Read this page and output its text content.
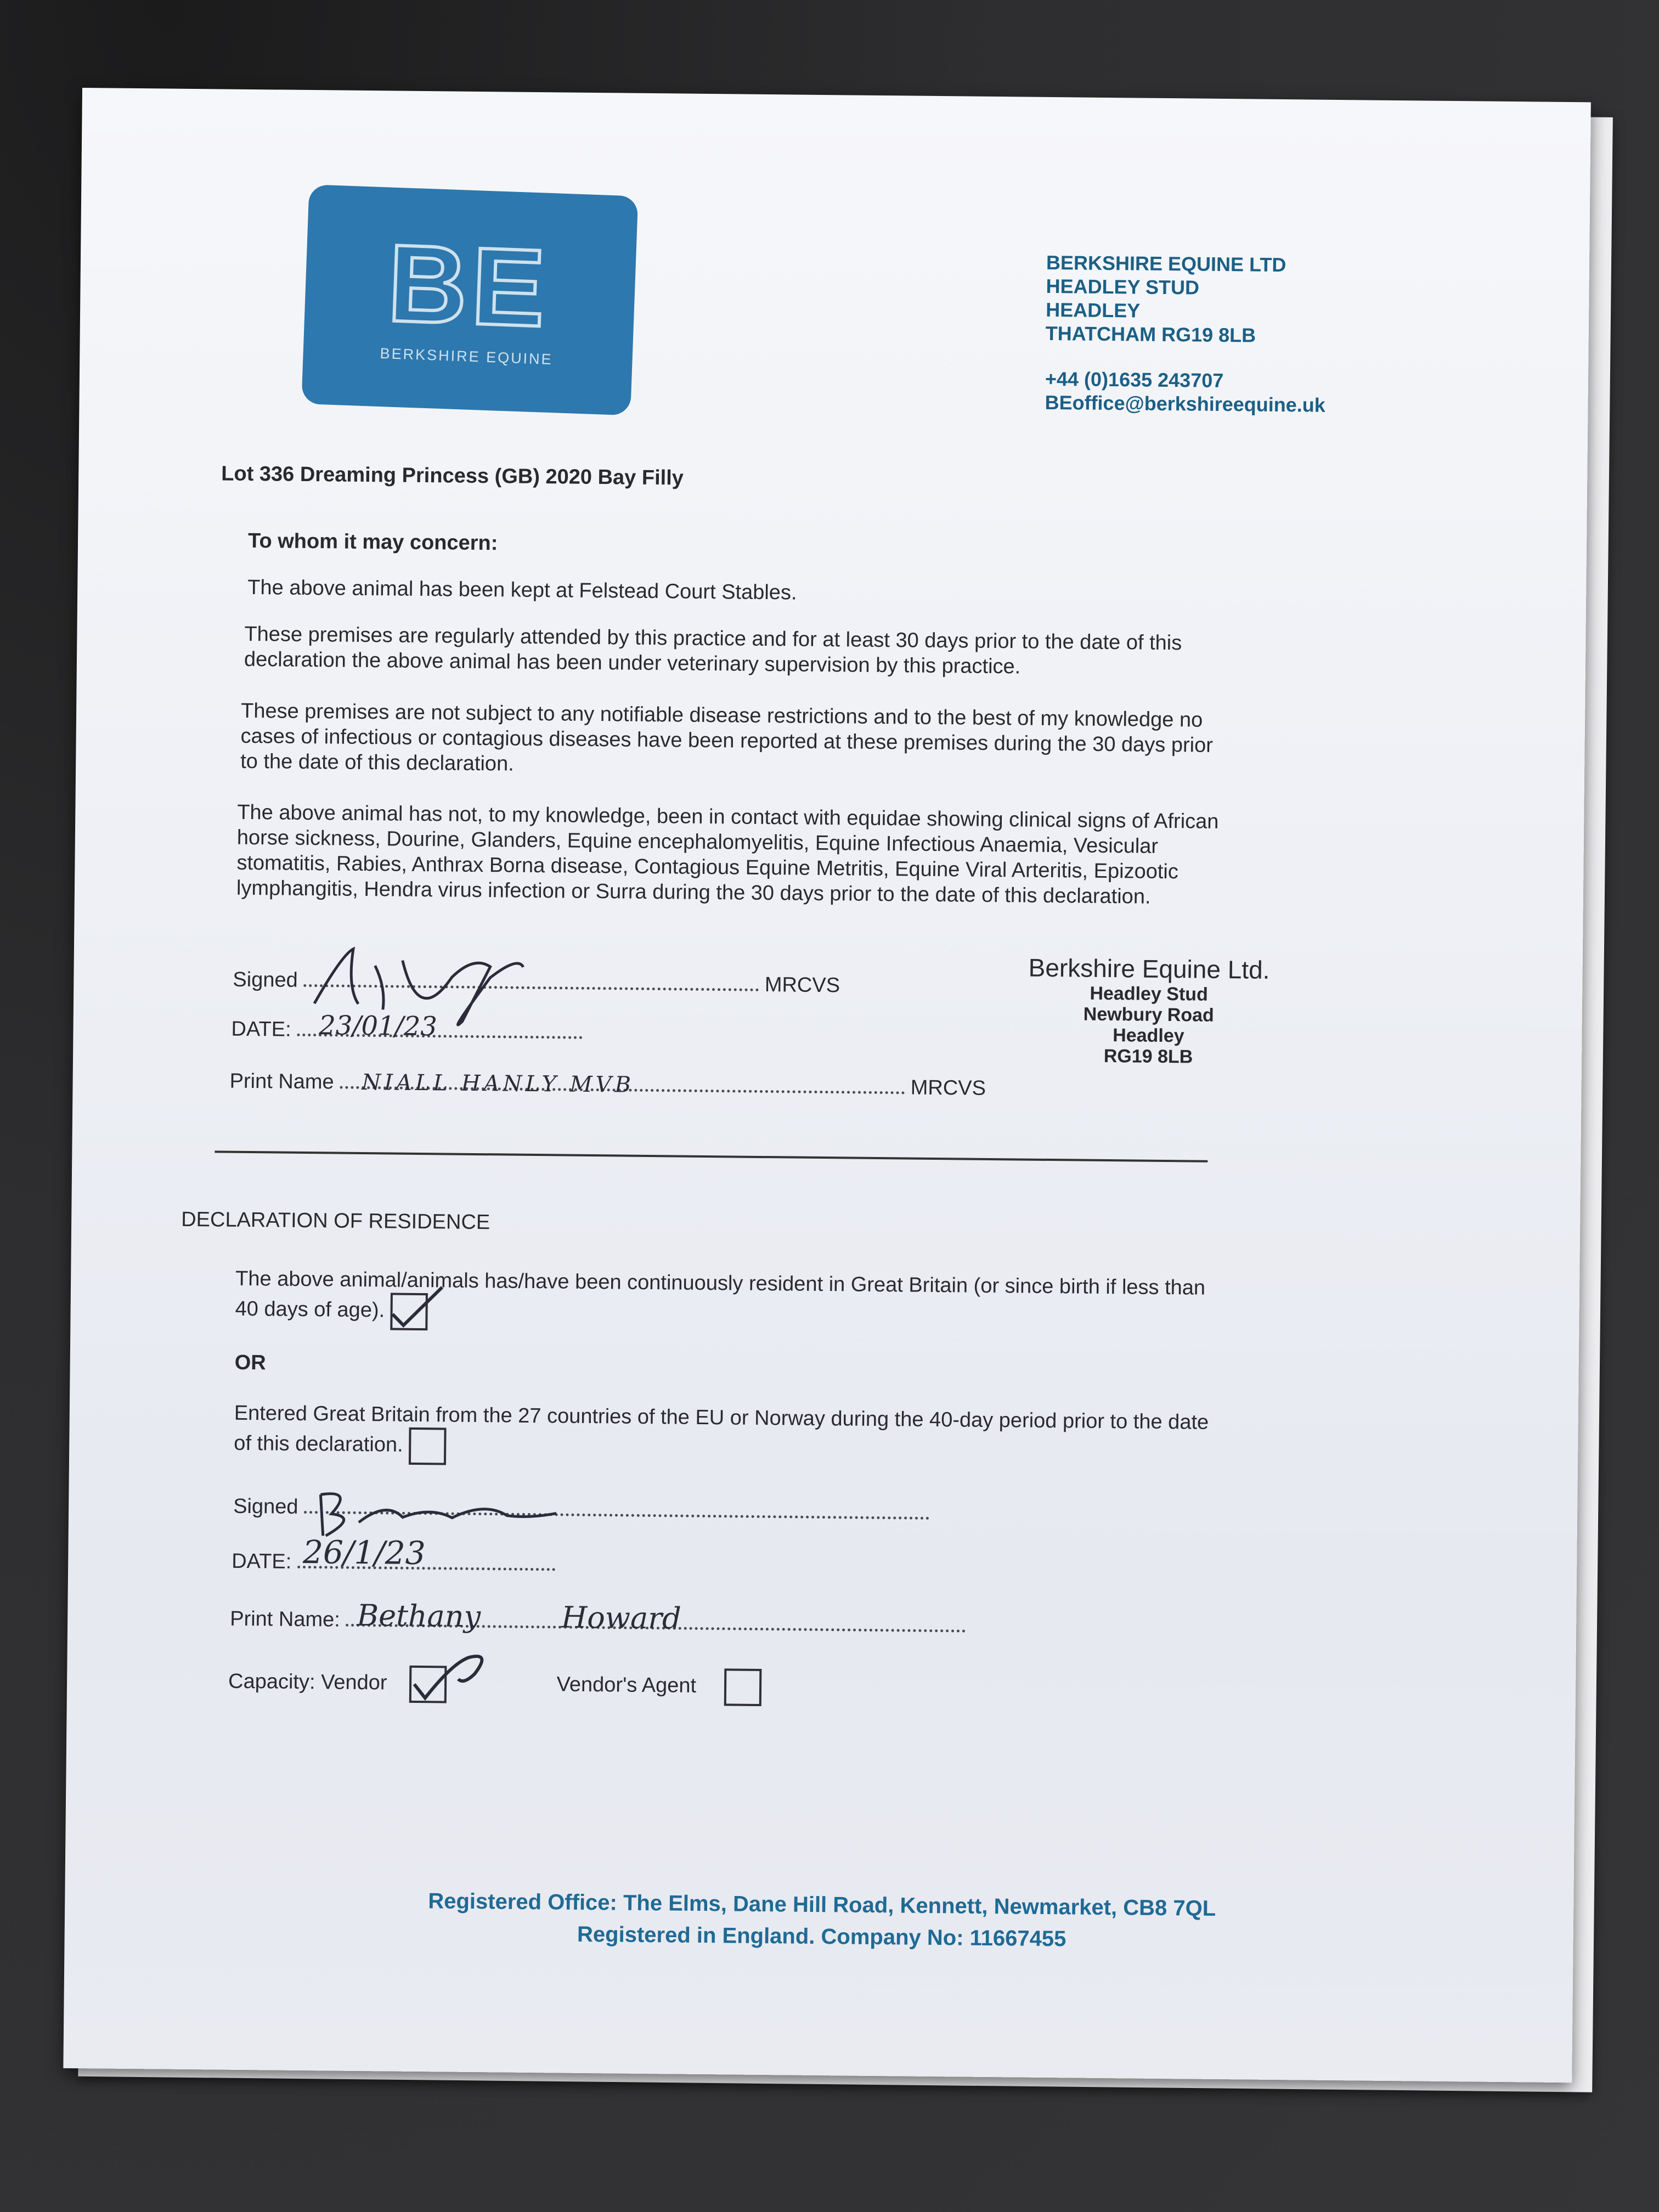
BE
BERKSHIRE EQUINE
BERKSHIRE EQUINE LTD
HEADLEY STUD
HEADLEY
THATCHAM RG19 8LB
+44 (0)1635 243707
BEoffice@berkshireequine.uk
Lot 336 Dreaming Princess (GB) 2020 Bay Filly
To whom it may concern:
The above animal has been kept at Felstead Court Stables.
These premises are regularly attended by this practice and for at least 30 days prior to the date of this declaration the above animal has been under veterinary supervision by this practice.
These premises are not subject to any notifiable disease restrictions and to the best of my knowledge no cases of infectious or contagious diseases have been reported at these premises during the 30 days prior to the date of this declaration.
The above animal has not, to my knowledge, been in contact with equidae showing clinical signs of African horse sickness, Dourine, Glanders, Equine encephalomyelitis, Equine Infectious Anaemia, Vesicular stomatitis, Rabies, Anthrax Borna disease, Contagious Equine Metritis, Equine Viral Arteritis, Epizootic lymphangitis, Hendra virus infection or Surra during the 30 days prior to the date of this declaration.
Signed	MRCVS
DATE: 23/01/23
Print Name NIALL HANLY MVB	MRCVS
Berkshire Equine Ltd.
Headley Stud
Newbury Road
Headley
RG19 8LB
DECLARATION OF RESIDENCE
The above animal/animals has/have been continuously resident in Great Britain (or since birth if less than 40 days of age).
OR
Entered Great Britain from the 27 countries of the EU or Norway during the 40-day period prior to the date of this declaration.
Signed
DATE: 26/1/23
Print Name: Bethany Howard
Capacity: Vendor	Vendor's Agent
Registered Office: The Elms, Dane Hill Road, Kennett, Newmarket, CB8 7QL
Registered in England. Company No: 11667455
